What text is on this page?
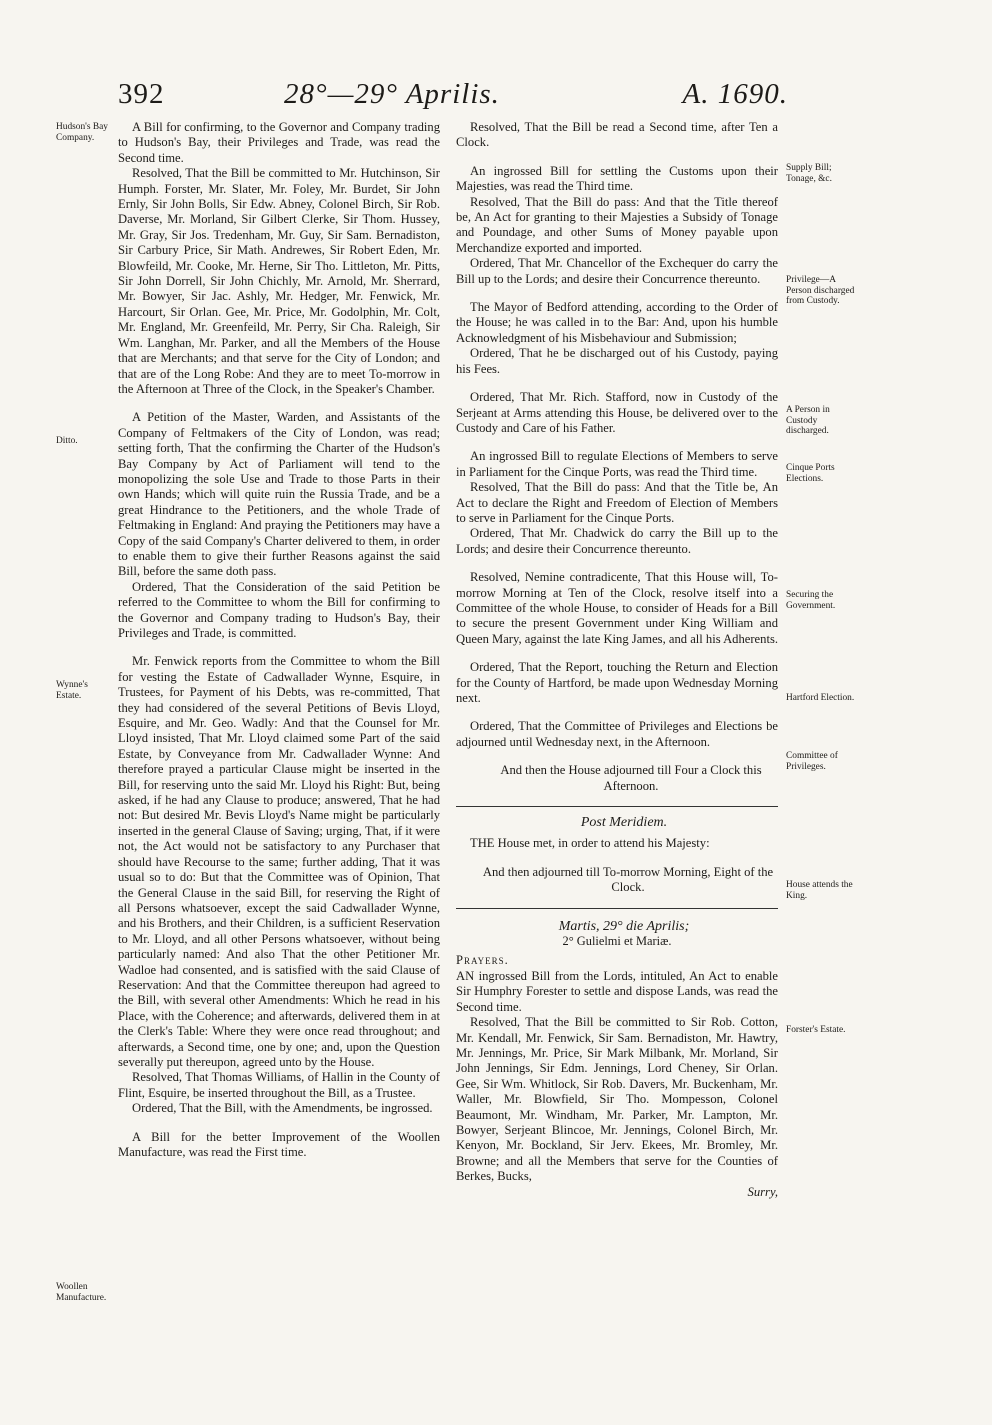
392	28°—29° Aprilis.	A. 1690.
Hudson's Bay Company.
Ditto.
Wynne's Estate.
Woollen Manufacture.
Supply Bill; Tonage, &c.
Privilege—A Person discharged from Custody.
A Person in Custody discharged.
Cinque Ports Elections.
Securing the Government.
Hartford Election.
Committee of Privileges.
House attends the King.
Forster's Estate.

A Bill for confirming, to the Governor and Company trading to Hudson's Bay, their Privileges and Trade, was read the Second time.

Resolved, That the Bill be committed to Mr. Hutchinson, Sir Humph. Forster, Mr. Slater, Mr. Foley, Mr. Burdet, Sir John Ernly, Sir John Bolls, Sir Edw. Abney, Colonel Birch, Sir Rob. Daverse, Mr. Morland, Sir Gilbert Clerke, Sir Thom. Hussey, Mr. Gray, Sir Jos. Tredenham, Mr. Guy, Sir Sam. Bernadiston, Sir Carbury Price, Sir Math. Andrewes, Sir Robert Eden, Mr. Blowfeild, Mr. Cooke, Mr. Herne, Sir Tho. Littleton, Mr. Pitts, Sir John Dorrell, Sir John Chichly, Mr. Arnold, Mr. Sherrard, Mr. Bowyer, Sir Jac. Ashly, Mr. Hedger, Mr. Fenwick, Mr. Harcourt, Sir Orlan. Gee, Mr. Price, Mr. Godolphin, Mr. Colt, Mr. England, Mr. Greenfeild, Mr. Perry, Sir Cha. Raleigh, Sir Wm. Langhan, Mr. Parker, and all the Members of the House that are Merchants; and that serve for the City of London; and that are of the Long Robe: And they are to meet To-morrow in the Afternoon at Three of the Clock, in the Speaker's Chamber.

A Petition of the Master, Warden, and Assistants of the Company of Feltmakers of the City of London, was read; setting forth, That the confirming the Charter of the Hudson's Bay Company by Act of Parliament will tend to the monopolizing the sole Use and Trade to those Parts in their own Hands; which will quite ruin the Russia Trade, and be a great Hindrance to the Petitioners, and the whole Trade of Feltmaking in England: And praying the Petitioners may have a Copy of the said Company's Charter delivered to them, in order to enable them to give their further Reasons against the said Bill, before the same doth pass.

Ordered, That the Consideration of the said Petition be referred to the Committee to whom the Bill for confirming to the Governor and Company trading to Hudson's Bay, their Privileges and Trade, is committed.

Mr. Fenwick reports from the Committee to whom the Bill for vesting the Estate of Cadwallader Wynne, Esquire, in Trustees, for Payment of his Debts, was re-committed, That they had considered of the several Petitions of Bevis Lloyd, Esquire, and Mr. Geo. Wadly: And that the Counsel for Mr. Lloyd insisted, That Mr. Lloyd claimed some Part of the said Estate, by Conveyance from Mr. Cadwallader Wynne: And therefore prayed a particular Clause might be inserted in the Bill, for reserving unto the said Mr. Lloyd his Right: But, being asked, if he had any Clause to produce; answered, That he had not: But desired Mr. Bevis Lloyd's Name might be particularly inserted in the general Clause of Saving; urging, That, if it were not, the Act would not be satisfactory to any Purchaser that should have Recourse to the same; further adding, That it was usual so to do: But that the Committee was of Opinion, That the General Clause in the said Bill, for reserving the Right of all Persons whatsoever, except the said Cadwallader Wynne, and his Brothers, and their Children, is a sufficient Reservation to Mr. Lloyd, and all other Persons whatsoever, without being particularly named: And also That the other Petitioner Mr. Wadloe had consented, and is satisfied with the said Clause of Reservation: And that the Committee thereupon had agreed to the Bill, with several other Amendments: Which he read in his Place, with the Coherence; and afterwards, delivered them in at the Clerk's Table: Where they were once read throughout; and afterwards, a Second time, one by one; and, upon the Question severally put thereupon, agreed unto by the House.

Resolved, That Thomas Williams, of Hallin in the County of Flint, Esquire, be inserted throughout the Bill, as a Trustee.

Ordered, That the Bill, with the Amendments, be ingrossed.

A Bill for the better Improvement of the Woollen Manufacture, was read the First time.

Resolved, That the Bill be read a Second time, after Ten a Clock.

An ingrossed Bill for settling the Customs upon their Majesties, was read the Third time.

Resolved, That the Bill do pass: And that the Title thereof be, An Act for granting to their Majesties a Subsidy of Tonage and Poundage, and other Sums of Money payable upon Merchandize exported and imported.

Ordered, That Mr. Chancellor of the Exchequer do carry the Bill up to the Lords; and desire their Concurrence thereunto.

The Mayor of Bedford attending, according to the Order of the House; he was called in to the Bar: And, upon his humble Acknowledgment of his Misbehaviour and Submission;

Ordered, That he be discharged out of his Custody, paying his Fees.

Ordered, That Mr. Rich. Stafford, now in Custody of the Serjeant at Arms attending this House, be delivered over to the Custody and Care of his Father.

An ingrossed Bill to regulate Elections of Members to serve in Parliament for the Cinque Ports, was read the Third time.

Resolved, That the Bill do pass: And that the Title be, An Act to declare the Right and Freedom of Election of Members to serve in Parliament for the Cinque Ports.

Ordered, That Mr. Chadwick do carry the Bill up to the Lords; and desire their Concurrence thereunto.

Resolved, Nemine contradicente, That this House will, To-morrow Morning at Ten of the Clock, resolve itself into a Committee of the whole House, to consider of Heads for a Bill to secure the present Government under King William and Queen Mary, against the late King James, and all his Adherents.

Ordered, That the Report, touching the Return and Election for the County of Hartford, be made upon Wednesday Morning next.

Ordered, That the Committee of Privileges and Elections be adjourned until Wednesday next, in the Afternoon.

And then the House adjourned till Four a Clock this Afternoon.

Post Meridiem.

THE House met, in order to attend his Majesty:

And then adjourned till To-morrow Morning, Eight of the Clock.

Martis, 29° die Aprilis;

2° Gulielmi et Mariæ.

Prayers.

AN ingrossed Bill from the Lords, intituled, An Act to enable Sir Humphry Forester to settle and dispose Lands, was read the Second time.

Resolved, That the Bill be committed to Sir Rob. Cotton, Mr. Kendall, Mr. Fenwick, Sir Sam. Bernadiston, Mr. Hawtry, Mr. Jennings, Mr. Price, Sir Mark Milbank, Mr. Morland, Sir John Jennings, Sir Edm. Jennings, Lord Cheney, Sir Orlan. Gee, Sir Wm. Whitlock, Sir Rob. Davers, Mr. Buckenham, Mr. Waller, Mr. Blowfield, Sir Tho. Mompesson, Colonel Beaumont, Mr. Windham, Mr. Parker, Mr. Lampton, Mr. Bowyer, Serjeant Blincoe, Mr. Jennings, Colonel Birch, Mr. Kenyon, Mr. Bockland, Sir Jerv. Ekees, Mr. Bromley, Mr. Browne; and all the Members that serve for the Counties of Berkes, Bucks,

Surry,
